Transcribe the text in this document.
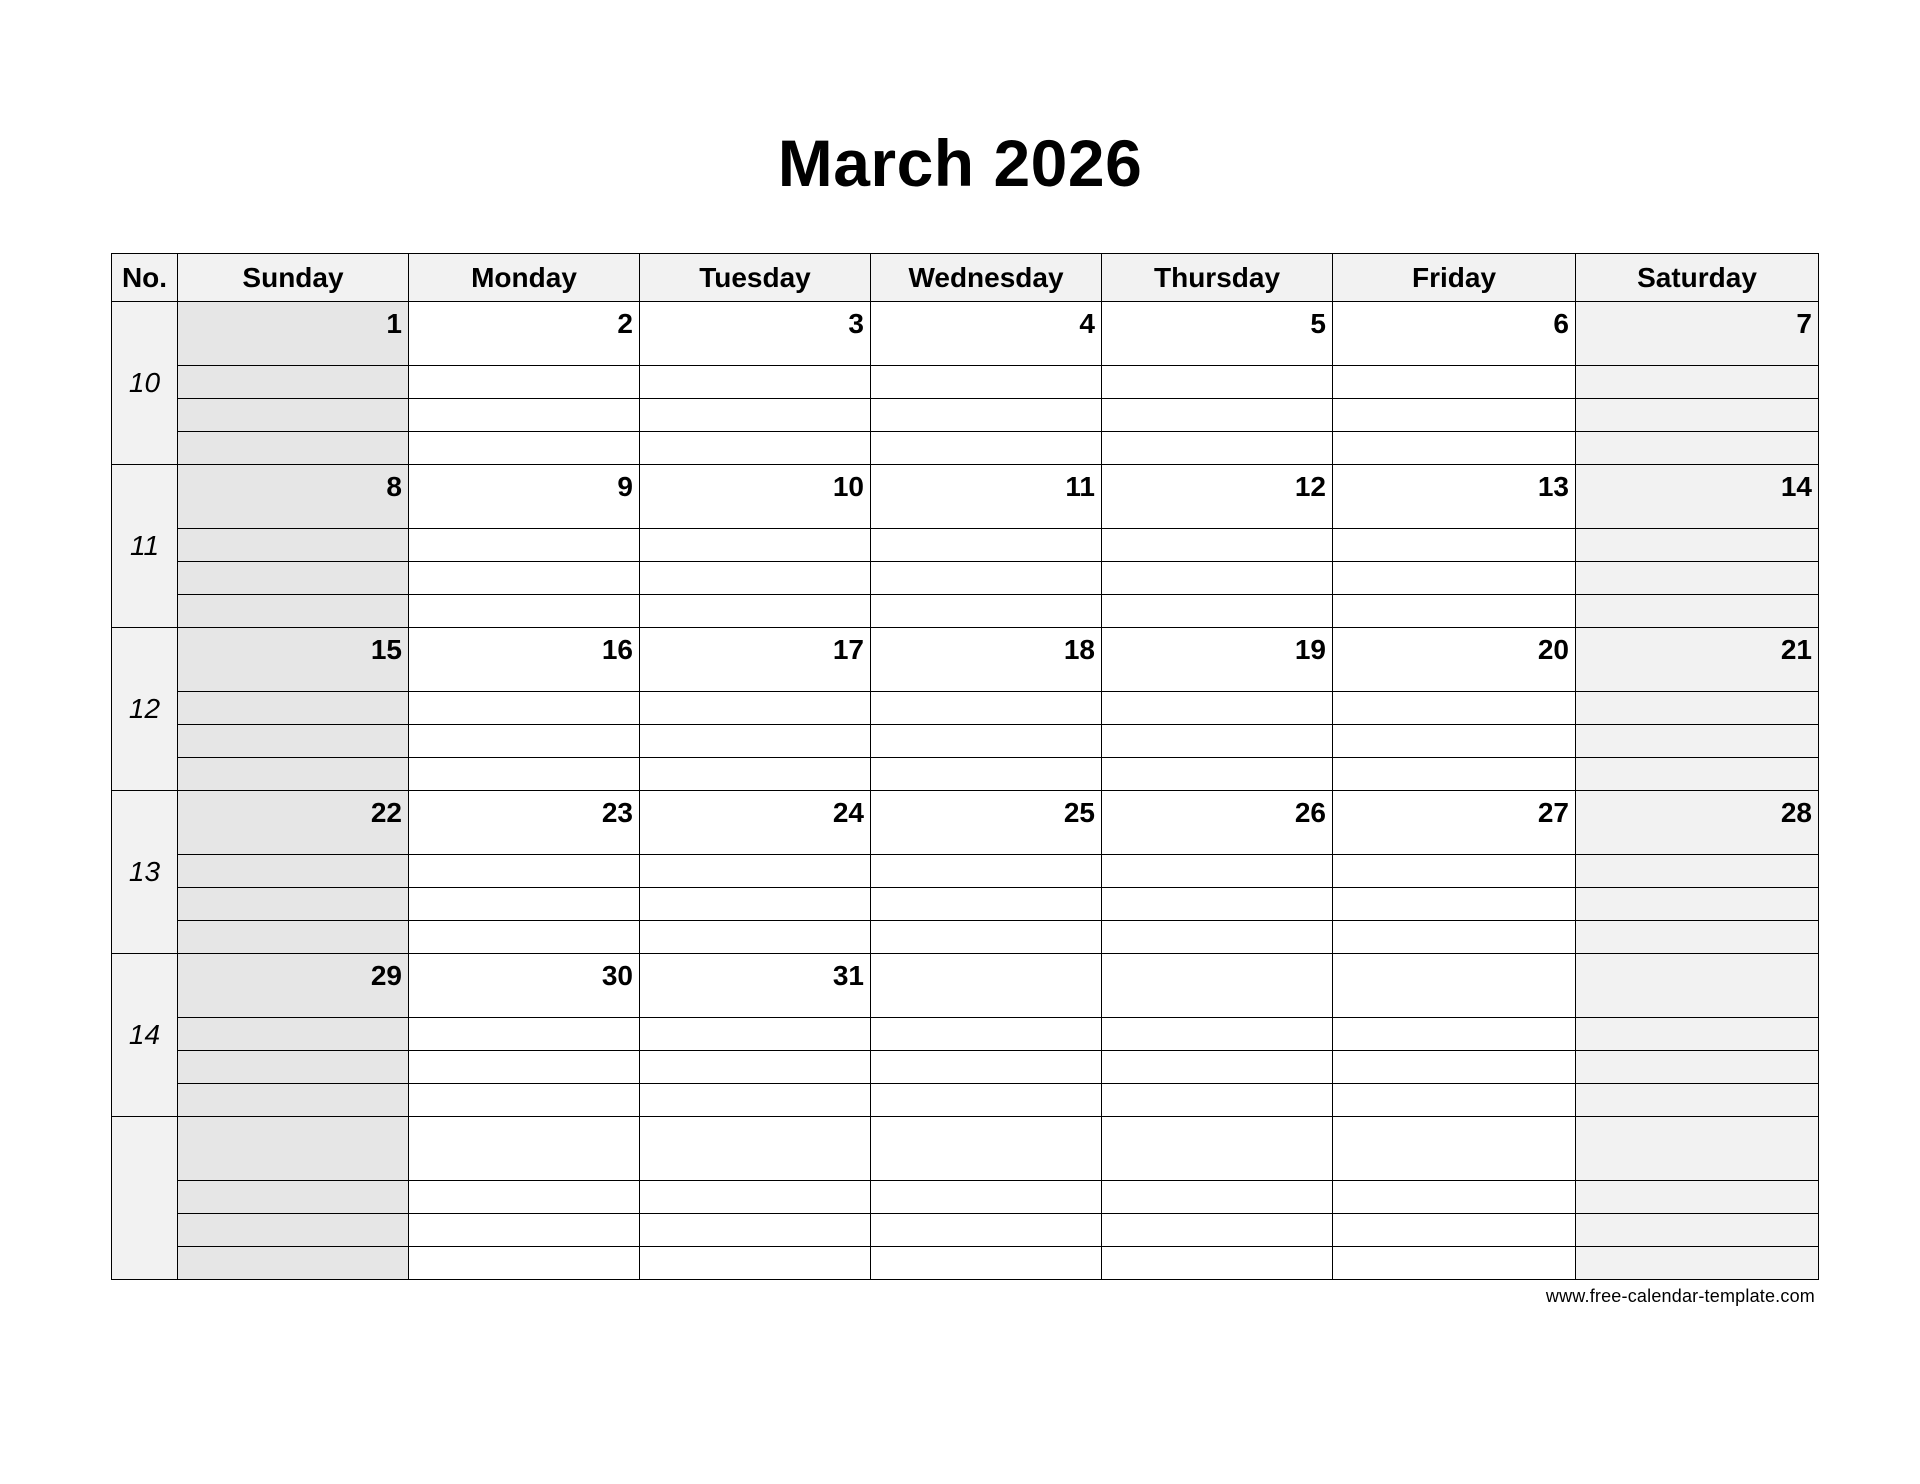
March 2026
No.	Sunday	Monday	Tuesday	Wednesday	Thursday	Friday	Saturday
10	1	2	3	4	5	6	7

11	8	9	10	11	12	13	14

12	15	16	17	18	19	20	21

13	22	23	24	25	26	27	28

14	29	30	31				

www.free-calendar-template.com
